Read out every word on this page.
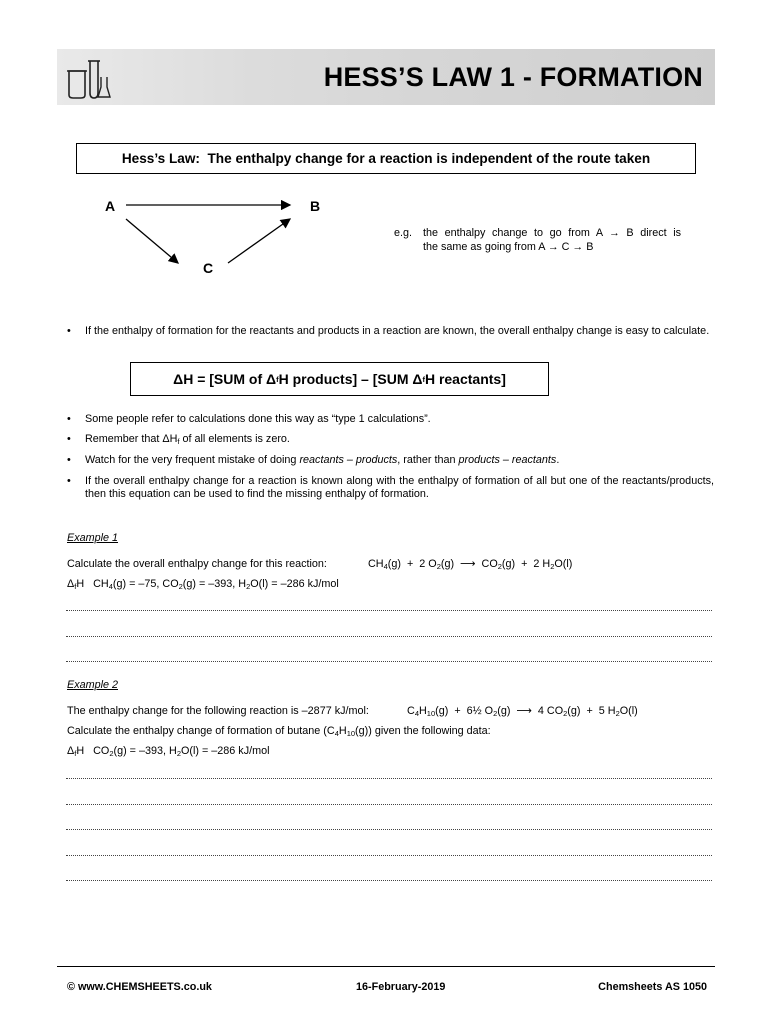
HESS’S LAW 1 - FORMATION
Hess’s Law:
The enthalpy change for a reaction is independent of the route taken
A	B
C
e.g. the enthalpy change to go from A → B direct is
the same as going from A → C → B
• If the enthalpy of formation for the reactants and products in a reaction are known, the overall enthalpy change is easy to calculate.
ΔH = [SUM of Δ f H products] – [SUM Δ f H reactants]
• Some people refer to calculations done this way as “type 1 calculations”.
• Remember that $\Delta H_f$ of all elements is zero.
• Watch for the very frequent mistake of doing reactants – products, rather than products – reactants.
• If the overall enthalpy change for a reaction is known along with the enthalpy of formation of all but one of the reactants/products, then this equation can be used to find the missing enthalpy of formation.
Example 1
Calculate the overall enthalpy change for this reaction:	$CH_4(g) + 2$ $O_2(g)$  ⟶  $CO_2(g) + 2$ $H_2O(l)$
$\Delta_fH$   $CH_4(g) = -75$, $CO_2(g) = -393$, $H_2O(l) = -286$ kJ/mol
Example 2
The enthalpy change for the following reaction is –2877 kJ/mol:	$C_4H_{10}(g)$  +  6½ $O_2(g)$  ⟶  4 $CO_2(g) + 5$ $H_2O(l)$
Calculate the enthalpy change of formation of butane $(C_4H_{10}(g))$ given the following data:
$\Delta_fH$   $CO_2(g) = -393$, $H_2O(l) = -286$ kJ/mol
© www.CHEMSHEETS.co.uk	16-February-2019	Chemsheets AS 1050
